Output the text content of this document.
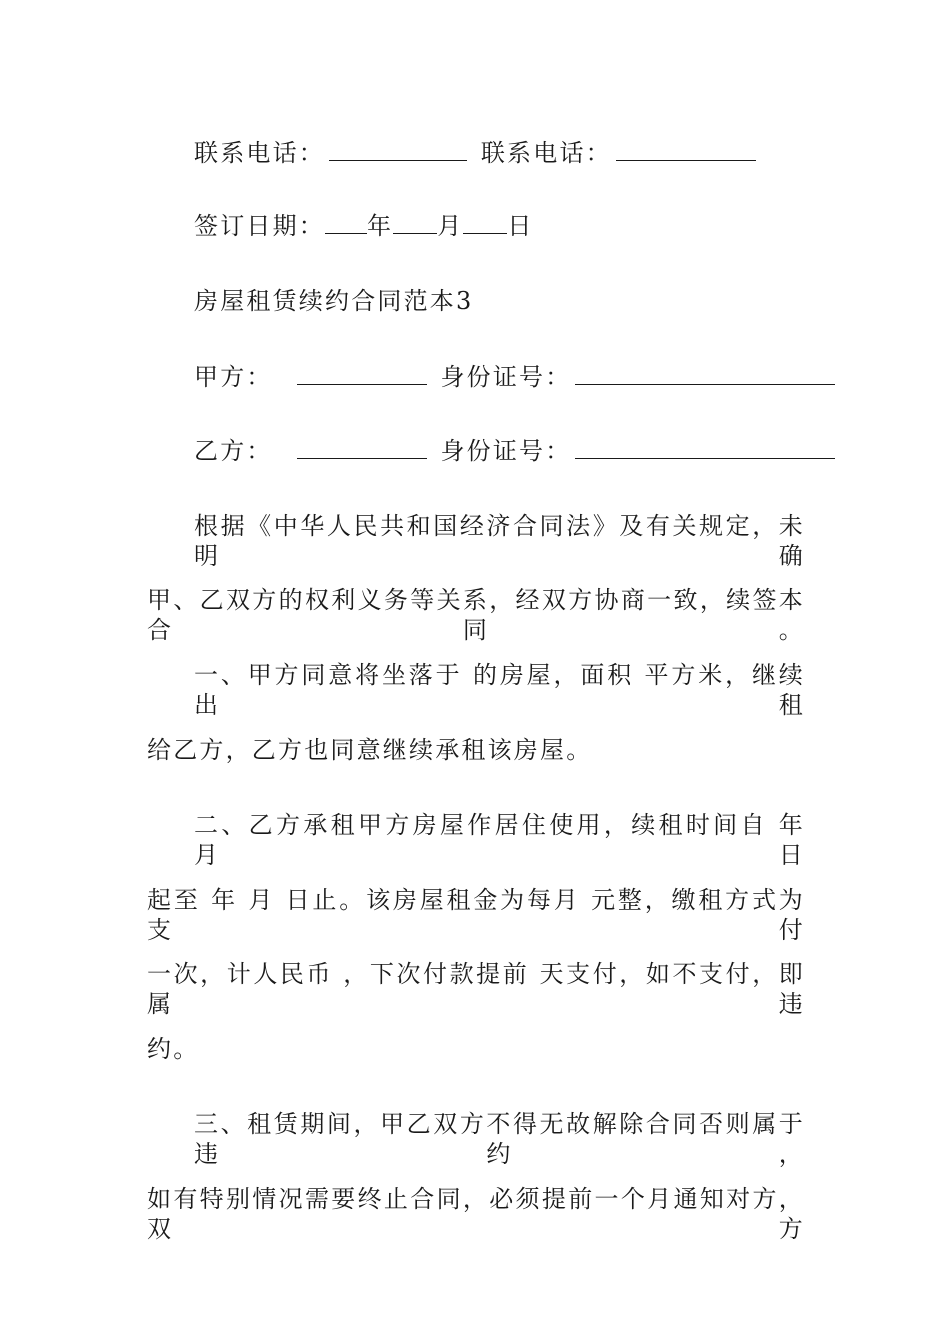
联系电话：	联系电话：
签订日期： 年 月 日
房屋租赁续约合同范本3
甲方：	身份证号：
乙方：	身份证号：
根据《中华人民共和国经济合同法》及有关规定，未明确
甲、乙双方的权利义务等关系，经双方协商一致，续签本合同。
一、甲方同意将坐落于 的房屋，面积 平方米，继续出租
给乙方，乙方也同意继续承租该房屋。
二、乙方承租甲方房屋作居住使用，续租时间自 年 月 日
起至 年 月 日止。该房屋租金为每月 元整，缴租方式为 支付
一次，计人民币 ，下次付款提前 天支付，如不支付，即属违
约。
三、租赁期间，甲乙双方不得无故解除合同否则属于违约，
如有特别情况需要终止合同，必须提前一个月通知对方，双方
